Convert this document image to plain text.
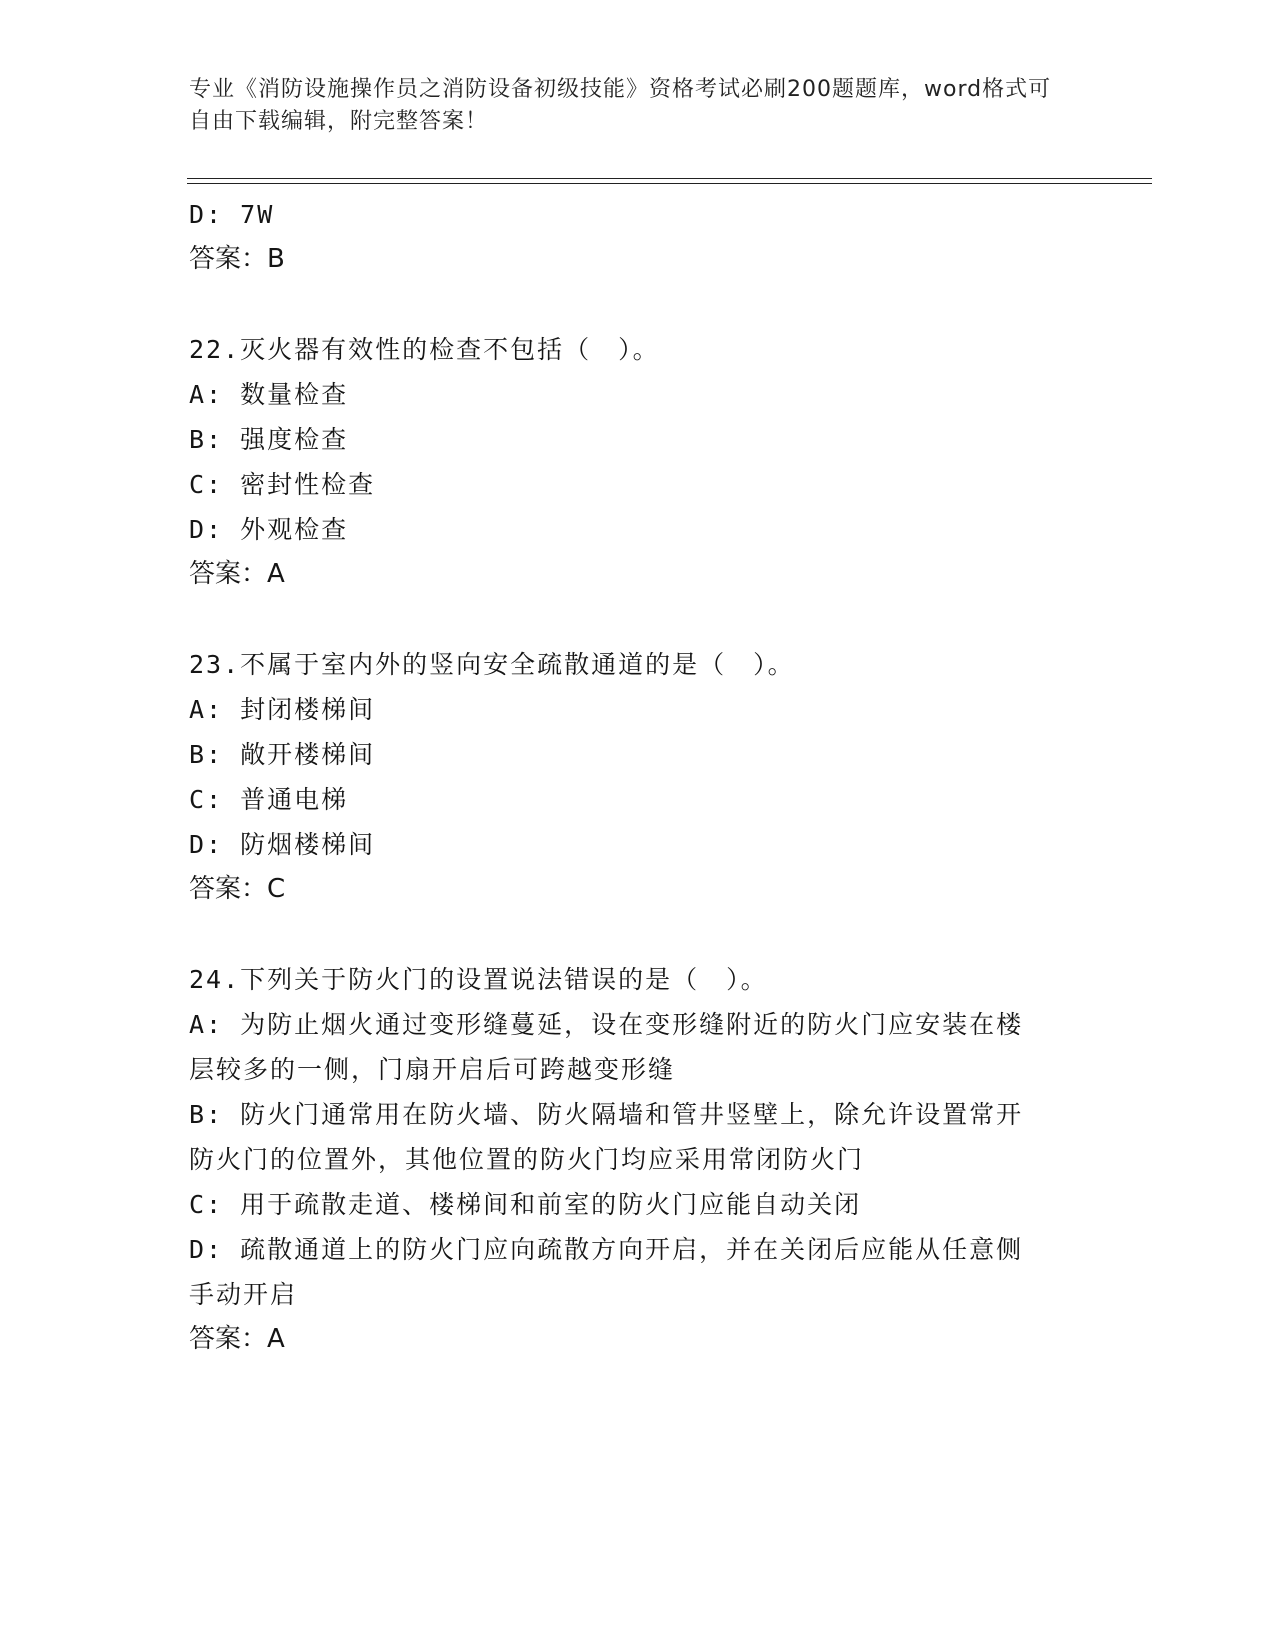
专业《消防设施操作员之消防设备初级技能》资格考试必刷200题题库，word格式可自由下载编辑，附完整答案！
D: 7W
答案：B
22.灭火器有效性的检查不包括（　）。
A: 数量检查
B: 强度检查
C: 密封性检查
D: 外观检查
答案：A
23.不属于室内外的竖向安全疏散通道的是（　）。
A: 封闭楼梯间
B: 敞开楼梯间
C: 普通电梯
D: 防烟楼梯间
答案：C
24.下列关于防火门的设置说法错误的是（　）。
A: 为防止烟火通过变形缝蔓延，设在变形缝附近的防火门应安装在楼
层较多的一侧，门扇开启后可跨越变形缝
B: 防火门通常用在防火墙、防火隔墙和管井竖壁上，除允许设置常开
防火门的位置外，其他位置的防火门均应采用常闭防火门
C: 用于疏散走道、楼梯间和前室的防火门应能自动关闭
D: 疏散通道上的防火门应向疏散方向开启，并在关闭后应能从任意侧
手动开启
答案：A
